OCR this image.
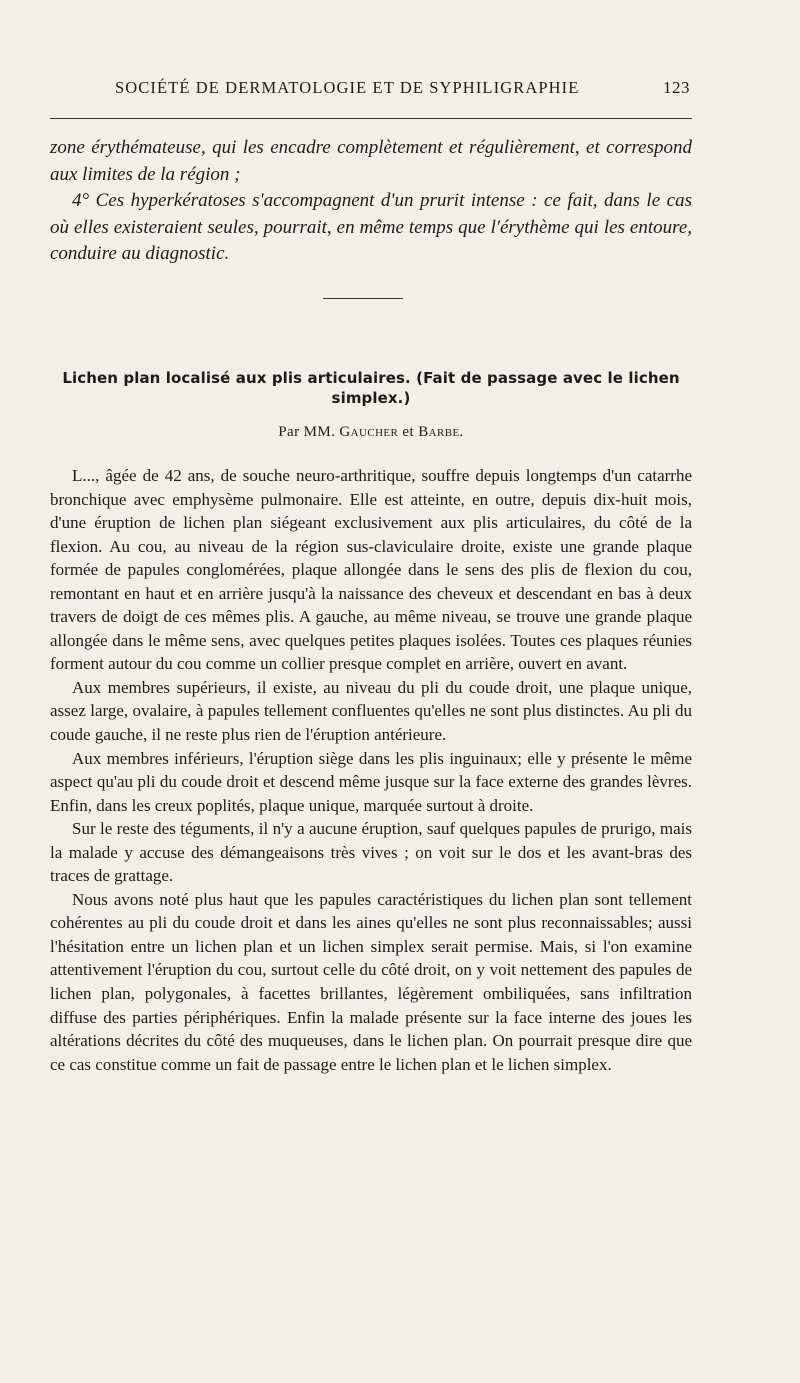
SOCIÉTÉ DE DERMATOLOGIE ET DE SYPHILIGRAPHIE	123

zone érythémateuse, qui les encadre complètement et régulièrement, et correspond aux limites de la région ;

4° Ces hyperkératoses s'accompagnent d'un prurit intense : ce fait, dans le cas où elles existeraient seules, pourrait, en même temps que l'érythème qui les entoure, conduire au diagnostic.

Lichen plan localisé aux plis articulaires. (Fait de passage avec le lichen simplex.)
Par MM. Gaucher et Barbe.

L..., âgée de 42 ans, de souche neuro-arthritique, souffre depuis longtemps d'un catarrhe bronchique avec emphysème pulmonaire. Elle est atteinte, en outre, depuis dix-huit mois, d'une éruption de lichen plan siégeant exclusivement aux plis articulaires, du côté de la flexion. Au cou, au niveau de la région sus-claviculaire droite, existe une grande plaque formée de papules conglomérées, plaque allongée dans le sens des plis de flexion du cou, remontant en haut et en arrière jusqu'à la naissance des cheveux et descendant en bas à deux travers de doigt de ces mêmes plis. A gauche, au même niveau, se trouve une grande plaque allongée dans le même sens, avec quelques petites plaques isolées. Toutes ces plaques réunies forment autour du cou comme un collier presque complet en arrière, ouvert en avant.

Aux membres supérieurs, il existe, au niveau du pli du coude droit, une plaque unique, assez large, ovalaire, à papules tellement confluentes qu'elles ne sont plus distinctes. Au pli du coude gauche, il ne reste plus rien de l'éruption antérieure.

Aux membres inférieurs, l'éruption siège dans les plis inguinaux; elle y présente le même aspect qu'au pli du coude droit et descend même jusque sur la face externe des grandes lèvres. Enfin, dans les creux poplités, plaque unique, marquée surtout à droite.

Sur le reste des téguments, il n'y a aucune éruption, sauf quelques papules de prurigo, mais la malade y accuse des démangeaisons très vives ; on voit sur le dos et les avant-bras des traces de grattage.

Nous avons noté plus haut que les papules caractéristiques du lichen plan sont tellement cohérentes au pli du coude droit et dans les aines qu'elles ne sont plus reconnaissables; aussi l'hésitation entre un lichen plan et un lichen simplex serait permise. Mais, si l'on examine attentivement l'éruption du cou, surtout celle du côté droit, on y voit nettement des papules de lichen plan, polygonales, à facettes brillantes, légèrement ombiliquées, sans infiltration diffuse des parties périphériques. Enfin la malade présente sur la face interne des joues les altérations décrites du côté des muqueuses, dans le lichen plan. On pourrait presque dire que ce cas constitue comme un fait de passage entre le lichen plan et le lichen simplex.
